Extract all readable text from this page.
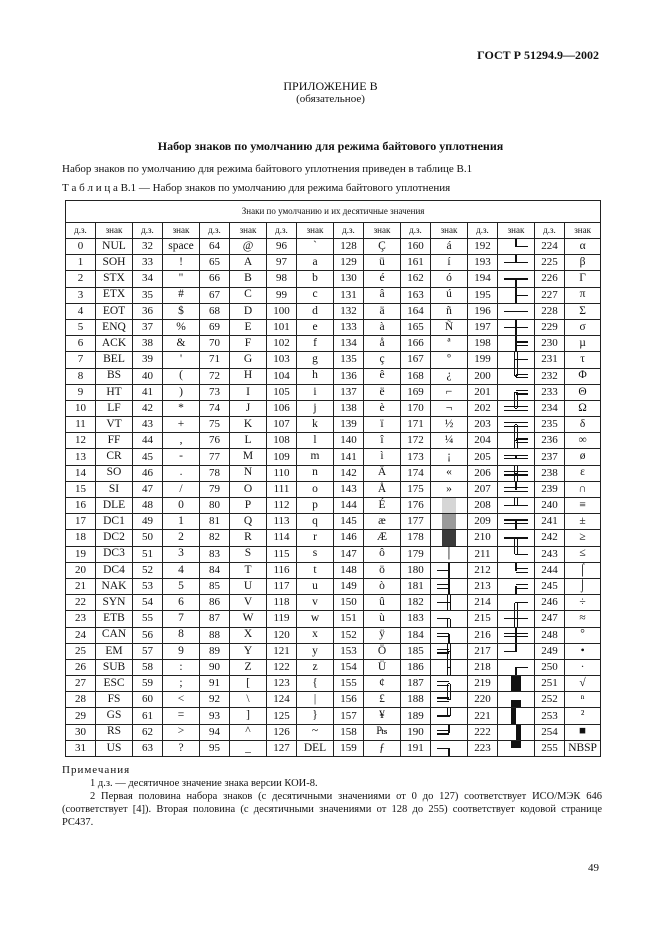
ГОСТ Р 51294.9—2002
ПРИЛОЖЕНИЕ В
(обязательное)
Набор знаков по умолчанию для режима байтового уплотнения
Набор знаков по умолчанию для режима байтового уплотнения приведен в таблице В.1
Т а б л и ц а В.1 — Набор знаков по умолчанию для режима байтового уплотнения
Знаки по умолчанию и их десятичные значения															
д.з.	знак	д.з.	знак	д.з.	знак	д.з.	знак	д.з.	знак	д.з.	знак	д.з.	знак	д.з.	знак
0	NUL	32	space	64	@	96	`	128	Ç	160	á	192		224	α
1	SOH	33	!	65	A	97	a	129	ü	161	í	193		225	β
2	STX	34	"	66	B	98	b	130	é	162	ó	194		226	Γ
3	ETX	35	#	67	C	99	c	131	â	163	ú	195		227	π
4	EOT	36	$	68	D	100	d	132	ä	164	ñ	196		228	Σ
5	ENQ	37	%	69	E	101	e	133	à	165	Ñ	197		229	σ
6	ACK	38	&	70	F	102	f	134	å	166	ª	198		230	µ
7	BEL	39	'	71	G	103	g	135	ç	167	º	199		231	τ
8	BS	40	(	72	H	104	h	136	ê	168	¿	200		232	Φ
9	HT	41	)	73	I	105	i	137	ë	169	⌐	201		233	Θ
10	LF	42	*	74	J	106	j	138	è	170	¬	202		234	Ω
11	VT	43	+	75	K	107	k	139	ï	171	½	203		235	δ
12	FF	44	,	76	L	108	l	140	î	172	¼	204		236	∞
13	CR	45	-	77	M	109	m	141	ì	173	¡	205		237	ø
14	SO	46	.	78	N	110	n	142	Ä	174	«	206		238	ε
15	SI	47	/	79	O	111	o	143	Å	175	»	207		239	∩
16	DLE	48	0	80	P	112	p	144	É	176		208		240	≡
17	DC1	49	1	81	Q	113	q	145	æ	177		209		241	±
18	DC2	50	2	82	R	114	r	146	Æ	178		210		242	≥
19	DC3	51	3	83	S	115	s	147	ô	179	│	211		243	≤
20	DC4	52	4	84	T	116	t	148	ö	180		212		244	⌠
21	NAK	53	5	85	U	117	u	149	ò	181		213		245	⌡
22	SYN	54	6	86	V	118	v	150	û	182		214		246	÷
23	ETB	55	7	87	W	119	w	151	ù	183		215		247	≈
24	CAN	56	8	88	X	120	x	152	ÿ	184		216		248	°
25	EM	57	9	89	Y	121	y	153	Ö	185		217		249	•
26	SUB	58	:	90	Z	122	z	154	Ü	186		218		250	·
27	ESC	59	;	91	[	123	{	155	¢	187		219		251	√
28	FS	60	<	92	\	124	|	156	£	188		220		252	ⁿ
29	GS	61	=	93	]	125	}	157	¥	189		221		253	²
30	RS	62	>	94	^	126	~	158	₧	190		222		254	■
31	US	63	?	95	_	127	DEL	159	ƒ	191		223		255	NBSP
Примечания
1 д.з. — десятичное значение знака версии КОИ-8.
2 Первая половина набора знаков (с десятичными значениями от 0 до 127) соответствует ИСО/МЭК 646 (соответствует [4]). Вторая половина (с десятичными значениями от 128 до 255) соответствует кодовой странице PC437.
49
